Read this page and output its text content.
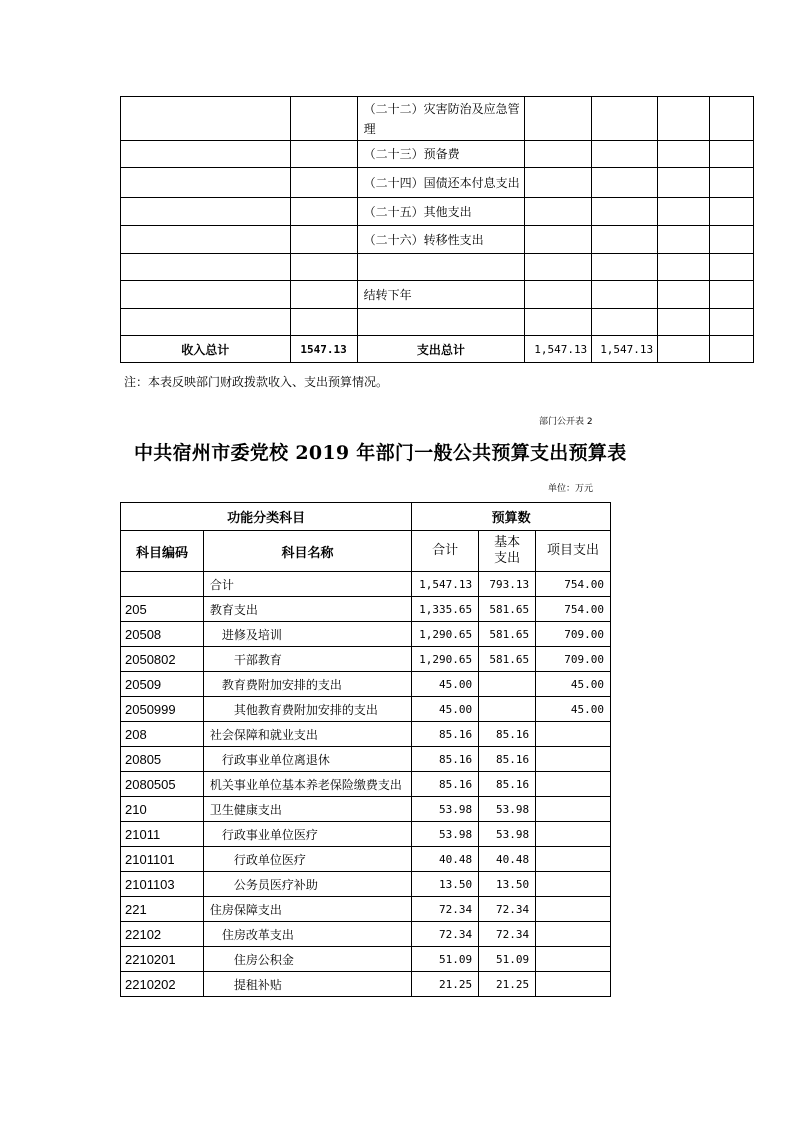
		（二十二）灾害防治及应急管理				
		（二十三）预备费				
		（二十四）国债还本付息支出				
		（二十五）其他支出				
		（二十六）转移性支出				

		结转下年				

收入总计	1547.13	支出总计	1,547.13	1,547.13		
注：本表反映部门财政拨款收入、支出预算情况。
部门公开表 2
中共宿州市委党校 2019 年部门一般公共预算支出预算表
单位：万元
功能分类科目		预算数		
科目编码	科目名称	合计	基本支出	项目支出
	合计	1,547.13	793.13	754.00
205	教育支出	1,335.65	581.65	754.00
20508	进修及培训	1,290.65	581.65	709.00
2050802	干部教育	1,290.65	581.65	709.00
20509	教育费附加安排的支出	45.00		45.00
2050999	其他教育费附加安排的支出	45.00		45.00
208	社会保障和就业支出	85.16	85.16	
20805	行政事业单位离退休	85.16	85.16	
2080505	机关事业单位基本养老保险缴费支出	85.16	85.16	
210	卫生健康支出	53.98	53.98	
21011	行政事业单位医疗	53.98	53.98	
2101101	行政单位医疗	40.48	40.48	
2101103	公务员医疗补助	13.50	13.50	
221	住房保障支出	72.34	72.34	
22102	住房改革支出	72.34	72.34	
2210201	住房公积金	51.09	51.09	
2210202	提租补贴	21.25	21.25	
